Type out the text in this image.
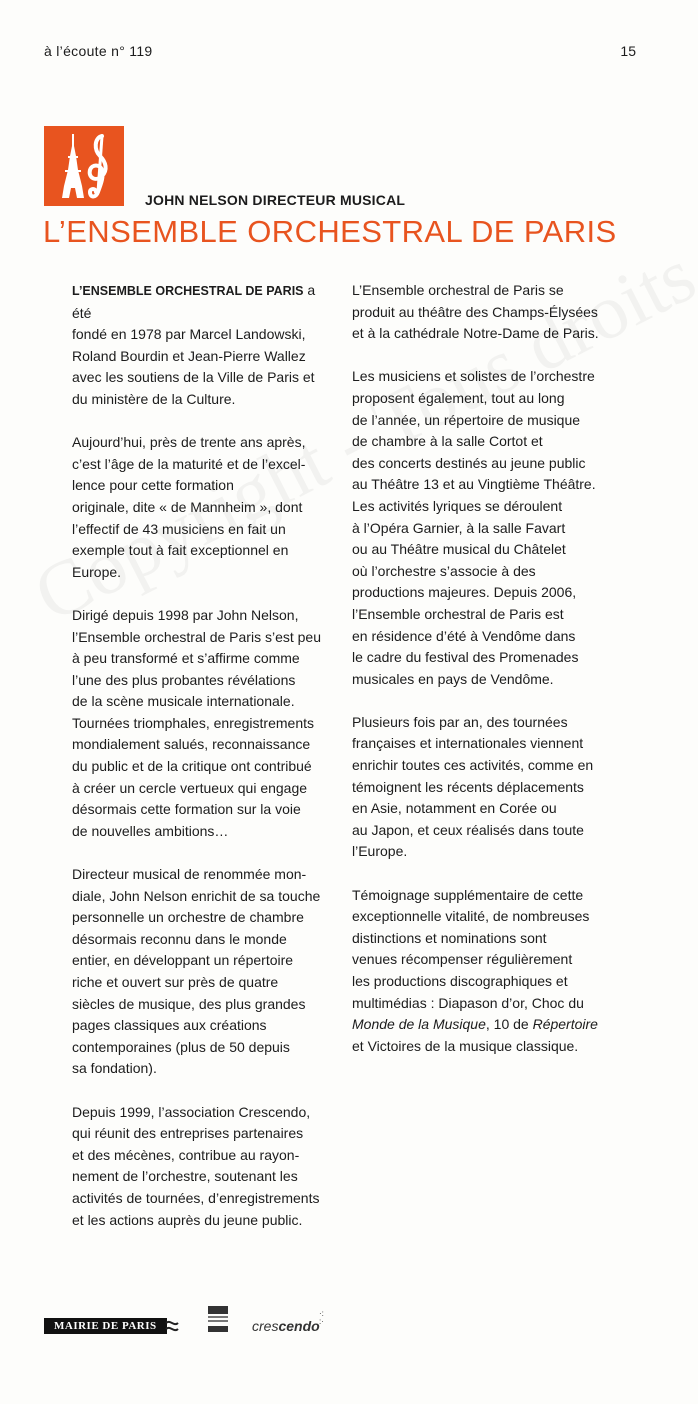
à l’écoute n° 119	15
JOHN NELSON DIRECTEUR MUSICAL
L’ENSEMBLE ORCHESTRAL DE PARIS

L’ENSEMBLE ORCHESTRAL DE PARIS a été
fondé en 1978 par Marcel Landowski,
Roland Bourdin et Jean-Pierre Wallez
avec les soutiens de la Ville de Paris et
du ministère de la Culture.

Aujourd’hui, près de trente ans après,
c’est l’âge de la maturité et de l’excel-
lence pour cette formation
originale, dite « de Mannheim », dont
l’effectif de 43 musiciens en fait un
exemple tout à fait exceptionnel en
Europe.

Dirigé depuis 1998 par John Nelson,
l’Ensemble orchestral de Paris s’est peu
à peu transformé et s’affirme comme
l’une des plus probantes révélations
de la scène musicale internationale.
Tournées triomphales, enregistrements
mondialement salués, reconnaissance
du public et de la critique ont contribué
à créer un cercle vertueux qui engage
désormais cette formation sur la voie
de nouvelles ambitions…

Directeur musical de renommée mon-
diale, John Nelson enrichit de sa touche
personnelle un orchestre de chambre
désormais reconnu dans le monde
entier, en développant un répertoire
riche et ouvert sur près de quatre
siècles de musique, des plus grandes
pages classiques aux créations
contemporaines (plus de 50 depuis
sa fondation).

Depuis 1999, l’association Crescendo,
qui réunit des entreprises partenaires
et des mécènes, contribue au rayon-
nement de l’orchestre, soutenant les
activités de tournées, d’enregistrements
et les actions auprès du jeune public.

L’Ensemble orchestral de Paris se
produit au théâtre des Champs-Élysées
et à la cathédrale Notre-Dame de Paris.

Les musiciens et solistes de l’orchestre
proposent également, tout au long
de l’année, un répertoire de musique
de chambre à la salle Cortot et
des concerts destinés au jeune public
au Théâtre 13 et au Vingtième Théâtre.
Les activités lyriques se déroulent
à l’Opéra Garnier, à la salle Favart
ou au Théâtre musical du Châtelet
où l’orchestre s’associe à des
productions majeures. Depuis 2006,
l’Ensemble orchestral de Paris est
en résidence d’été à Vendôme dans
le cadre du festival des Promenades
musicales en pays de Vendôme.

Plusieurs fois par an, des tournées
françaises et internationales viennent
enrichir toutes ces activités, comme en
témoignent les récents déplacements
en Asie, notamment en Corée ou
au Japon, et ceux réalisés dans toute
l’Europe.

Témoignage supplémentaire de cette
exceptionnelle vitalité, de nombreuses
distinctions et nominations sont
venues récompenser régulièrement
les productions discographiques et
multimédias : Diapason d’or, Choc du
Monde de la Musique, 10 de Répertoire
et Victoires de la musique classique.

MAIRIE DE PARIS	crescendo
·:
:·
